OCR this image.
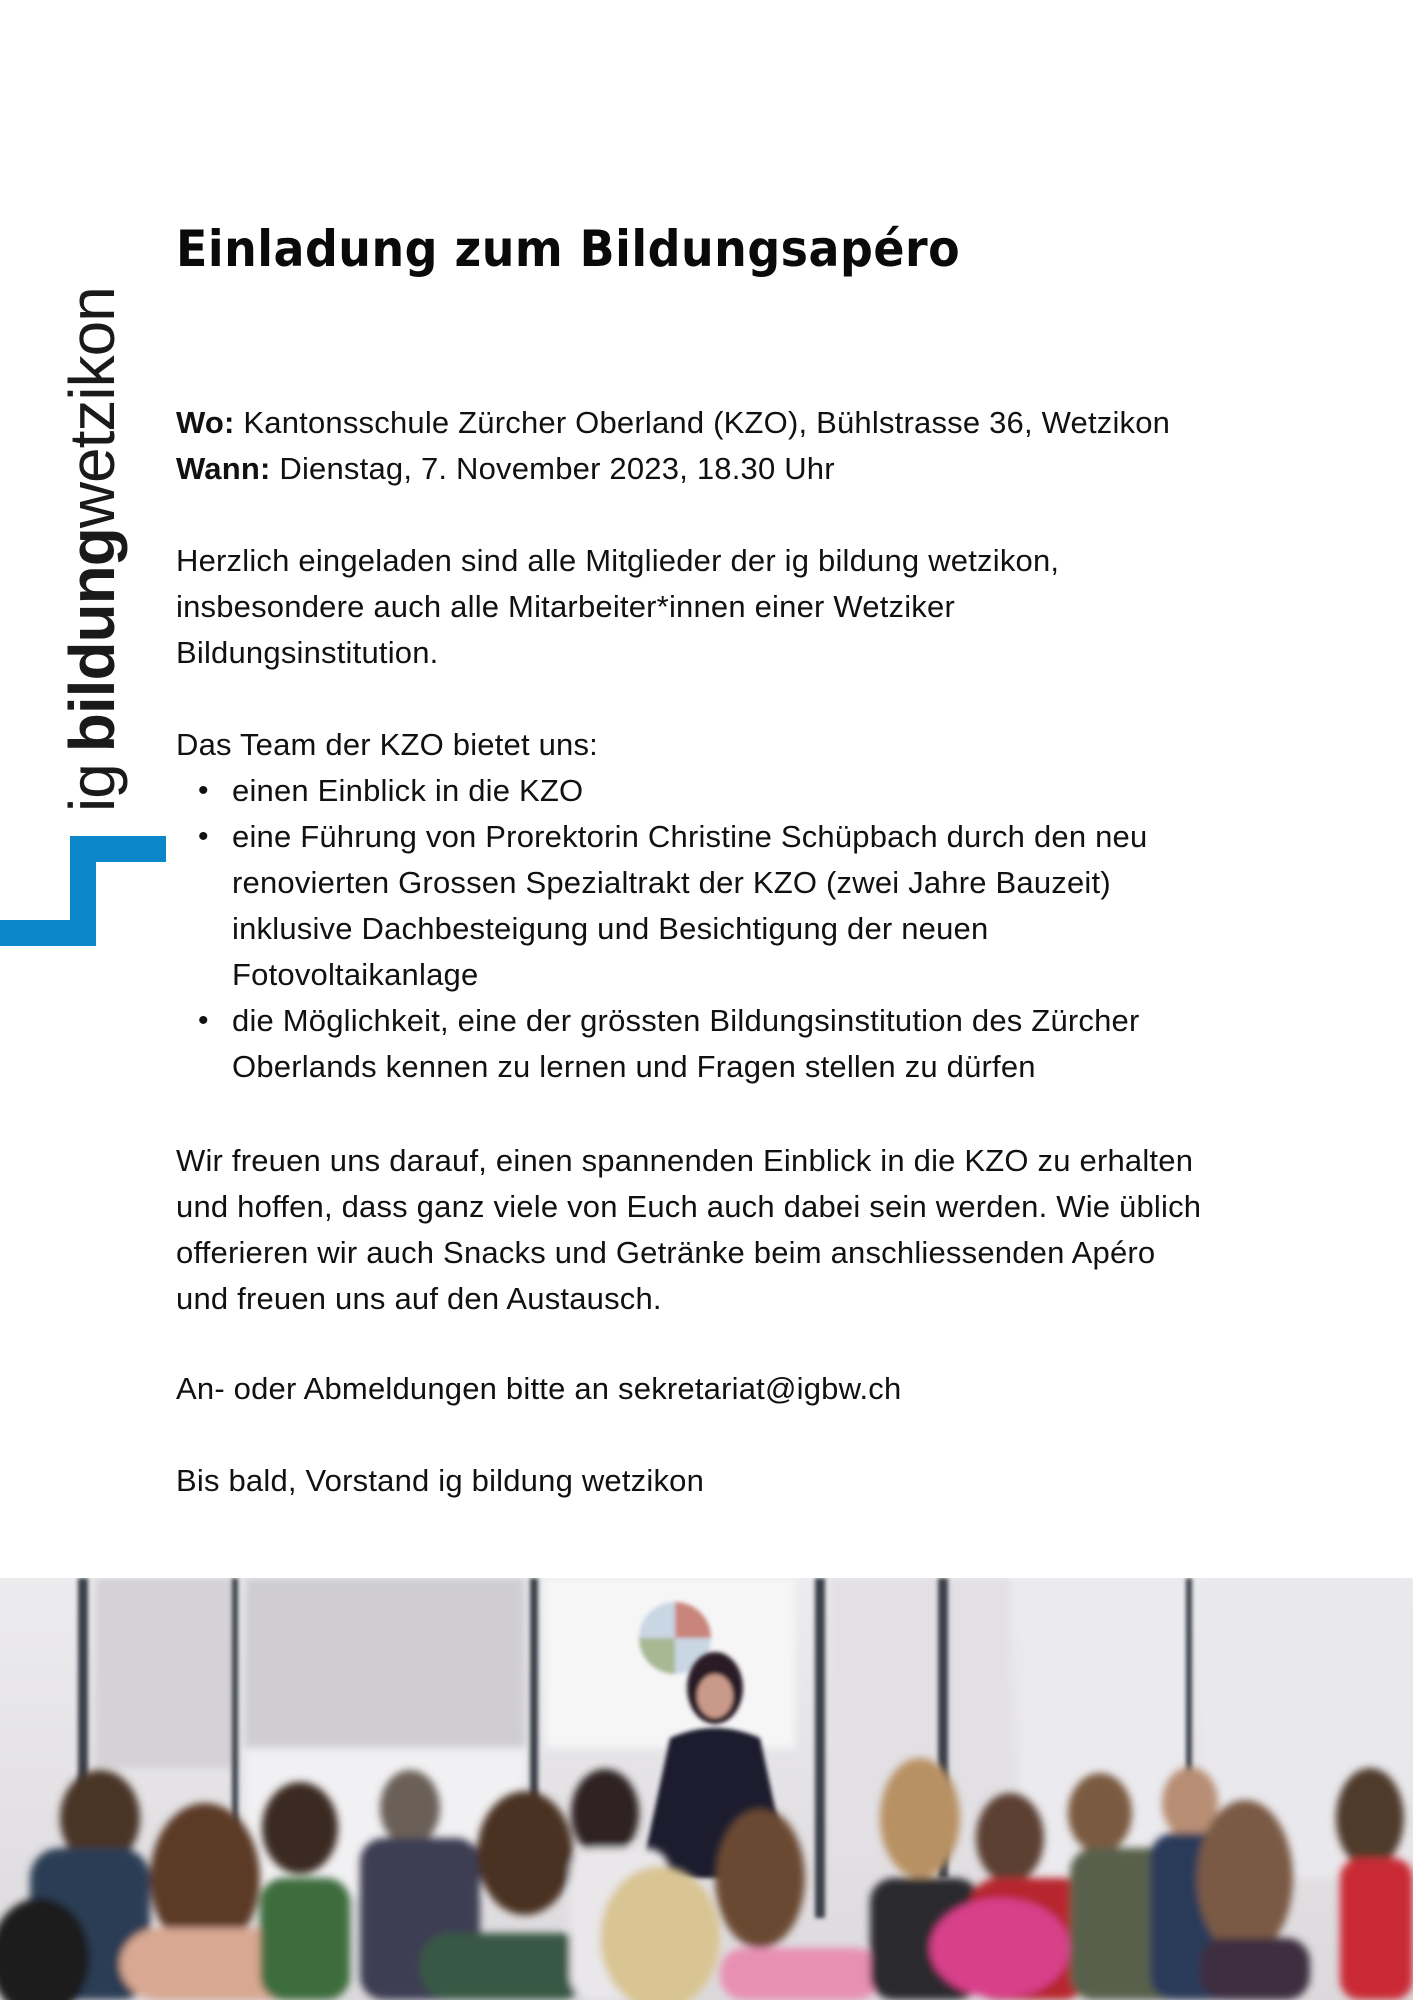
igbildungwetzikon
Einladung zum Bildungsapéro
Wo: Kantonsschule Zürcher Oberland (KZO), Bühlstrasse 36, Wetzikon
Wann: Dienstag, 7. November 2023, 18.30 Uhr

Herzlich eingeladen sind alle Mitglieder der ig bildung wetzikon,
insbesondere auch alle Mitarbeiter*innen einer Wetziker
Bildungsinstitution.

Das Team der KZO bietet uns:
• einen Einblick in die KZO
• eine Führung von Prorektorin Christine Schüpbach durch den neu
renovierten Grossen Spezialtrakt der KZO (zwei Jahre Bauzeit)
inklusive Dachbesteigung und Besichtigung der neuen
Fotovoltaikanlage
• die Möglichkeit, eine der grössten Bildungsinstitution des Zürcher
Oberlands kennen zu lernen und Fragen stellen zu dürfen

Wir freuen uns darauf, einen spannenden Einblick in die KZO zu erhalten
und hoffen, dass ganz viele von Euch auch dabei sein werden. Wie üblich
offerieren wir auch Snacks und Getränke beim anschliessenden Apéro
und freuen uns auf den Austausch.

An- oder Abmeldungen bitte an sekretariat@igbw.ch

Bis bald, Vorstand ig bildung wetzikon
